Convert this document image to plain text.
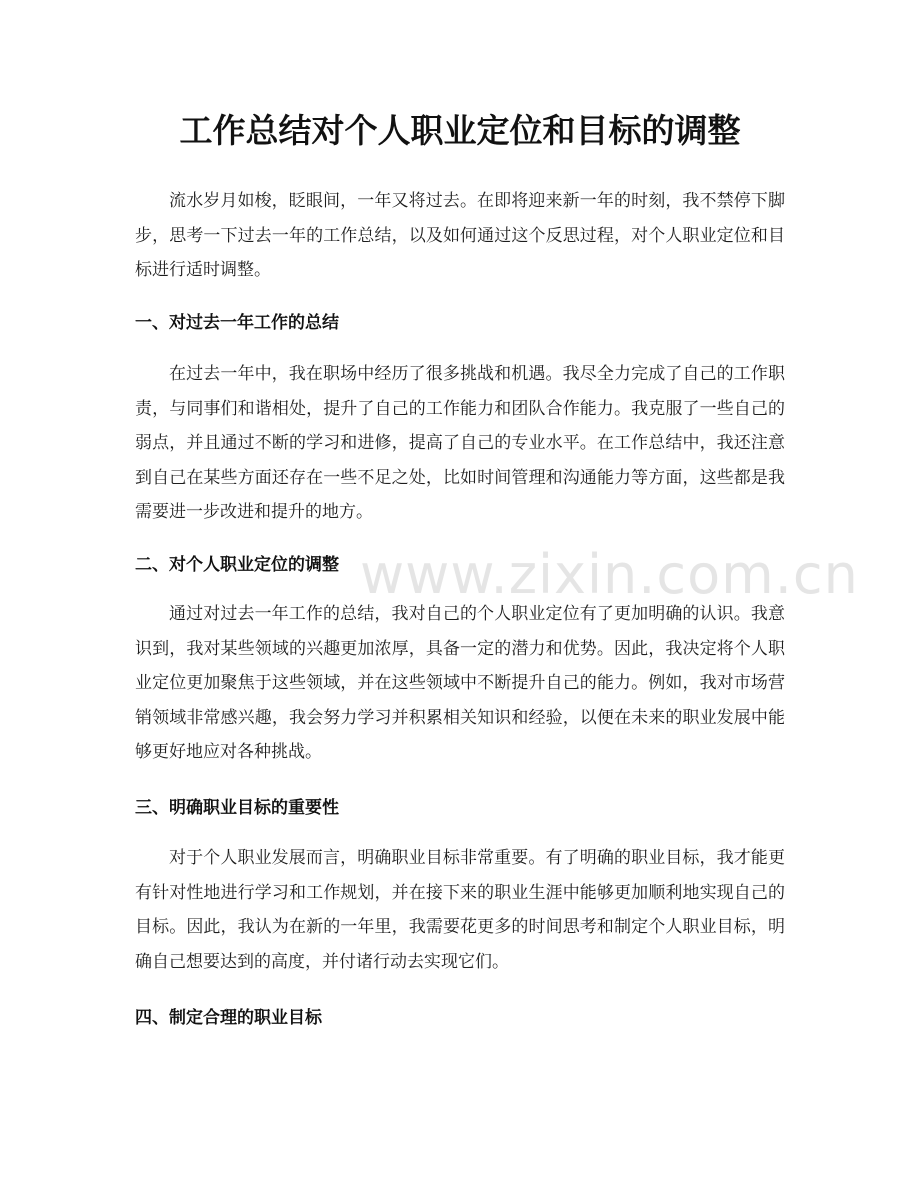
工作总结对个人职业定位和目标的调整

流水岁月如梭，眨眼间，一年又将过去。在即将迎来新一年的时刻，我不禁停下脚步，思考一下过去一年的工作总结，以及如何通过这个反思过程，对个人职业定位和目标进行适时调整。

一、对过去一年工作的总结

在过去一年中，我在职场中经历了很多挑战和机遇。我尽全力完成了自己的工作职责，与同事们和谐相处，提升了自己的工作能力和团队合作能力。我克服了一些自己的弱点，并且通过不断的学习和进修，提高了自己的专业水平。在工作总结中，我还注意到自己在某些方面还存在一些不足之处，比如时间管理和沟通能力等方面，这些都是我需要进一步改进和提升的地方。

二、对个人职业定位的调整

通过对过去一年工作的总结，我对自己的个人职业定位有了更加明确的认识。我意识到，我对某些领域的兴趣更加浓厚，具备一定的潜力和优势。因此，我决定将个人职业定位更加聚焦于这些领域，并在这些领域中不断提升自己的能力。例如，我对市场营销领域非常感兴趣，我会努力学习并积累相关知识和经验，以便在未来的职业发展中能够更好地应对各种挑战。

三、明确职业目标的重要性

对于个人职业发展而言，明确职业目标非常重要。有了明确的职业目标，我才能更有针对性地进行学习和工作规划，并在接下来的职业生涯中能够更加顺利地实现自己的目标。因此，我认为在新的一年里，我需要花更多的时间思考和制定个人职业目标，明确自己想要达到的高度，并付诸行动去实现它们。

四、制定合理的职业目标
www.zixin.com.cn
